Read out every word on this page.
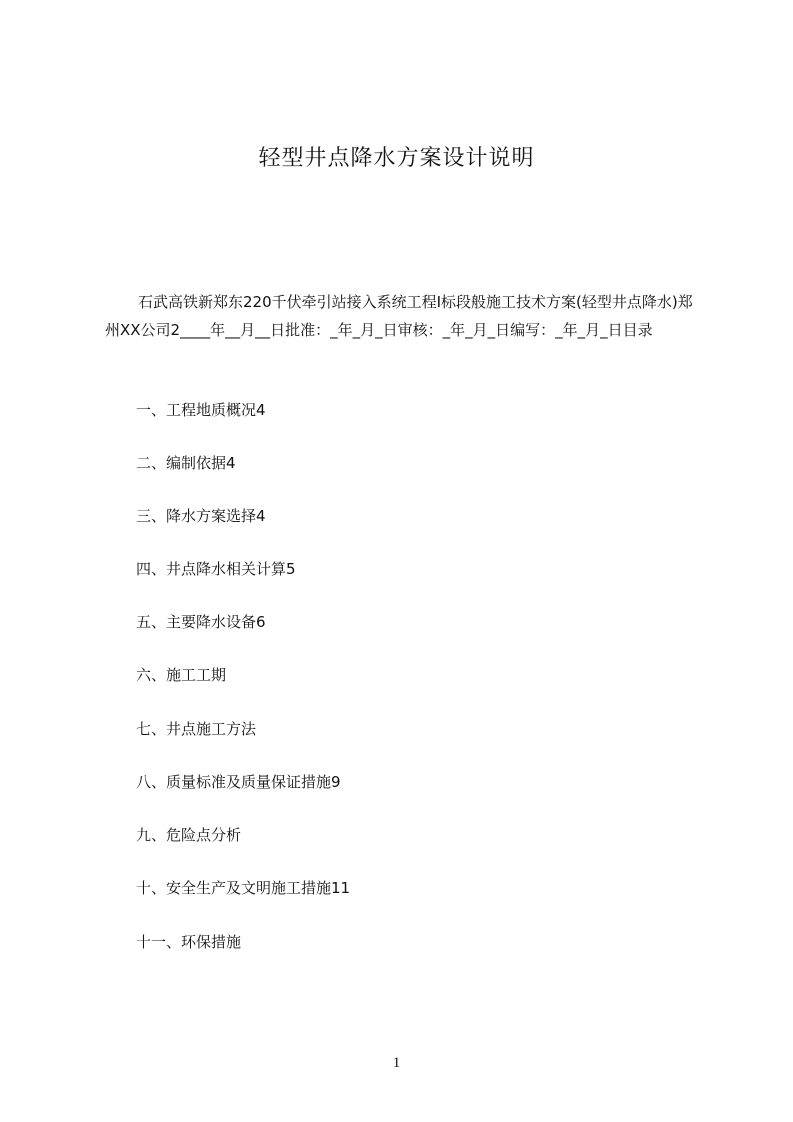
轻型井点降水方案设计说明
石武高铁新郑东220千伏牵引站接入系统工程Ⅰ标段般施工技术方案(轻型井点降水)郑州XX公司2____年__月__日批准：_年_月_日审核：_年_月_日编写：_年_月_日目录
一、工程地质概况4
二、编制依据4
三、降水方案选择4
四、井点降水相关计算5
五、主要降水设备6
六、施工工期
七、井点施工方法
八、质量标准及质量保证措施9
九、危险点分析
十、安全生产及文明施工措施11
十一、环保措施
1
